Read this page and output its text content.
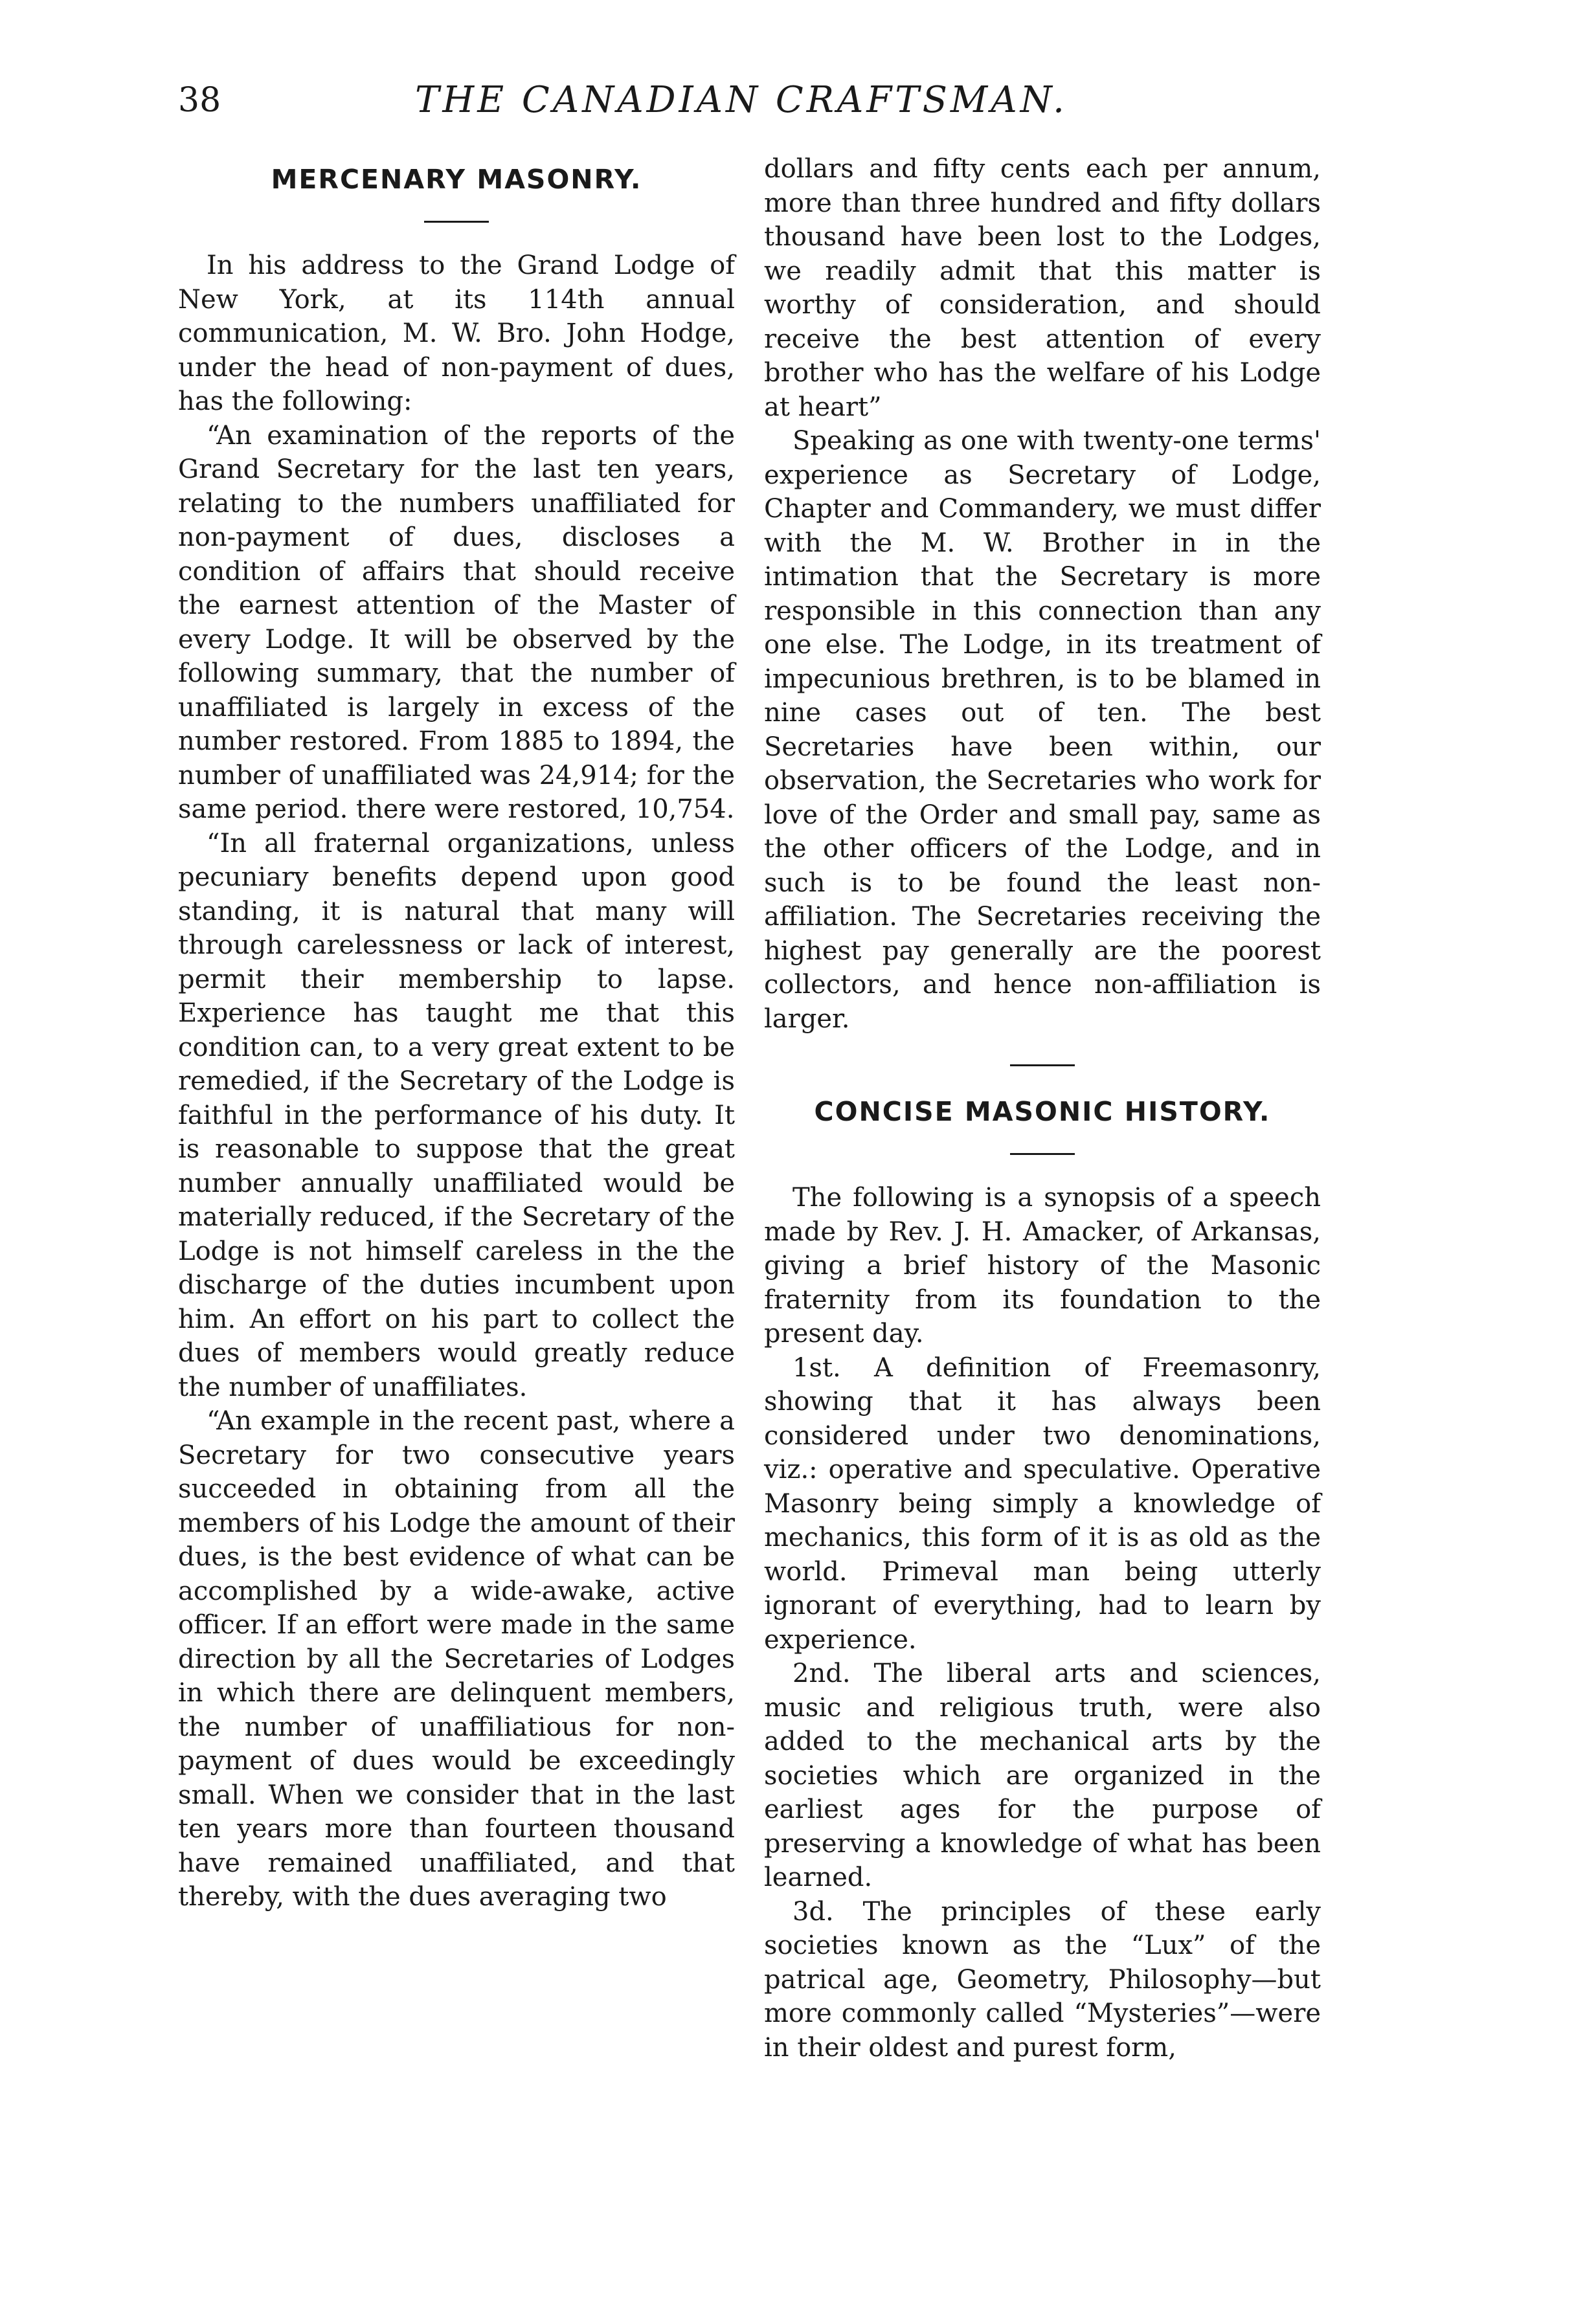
38	THE CANADIAN CRAFTSMAN.
MERCENARY MASONRY.

In his address to the Grand Lodge of New York, at its 114th annual communication, M. W. Bro. John Hodge, under the head of non-payment of dues, has the following:

“An examination of the reports of the Grand Secretary for the last ten years, relating to the numbers unaffiliated for non-payment of dues, discloses a condition of affairs that should receive the earnest attention of the Master of every Lodge. It will be observed by the following summary, that the number of unaffiliated is largely in excess of the number restored. From 1885 to 1894, the number of unaffiliated was 24,914; for the same period. there were restored, 10,754.

“In all fraternal organizations, unless pecuniary benefits depend upon good standing, it is natural that many will through carelessness or lack of interest, permit their membership to lapse. Experience has taught me that this condition can, to a very great extent to be remedied, if the Secretary of the Lodge is faithful in the performance of his duty. It is reasonable to suppose that the great number annually unaffiliated would be materially reduced, if the Secretary of the Lodge is not himself careless in the the discharge of the duties incumbent upon him. An effort on his part to collect the dues of members would greatly reduce the number of unaffiliates.

“An example in the recent past, where a Secretary for two consecutive years succeeded in obtaining from all the members of his Lodge the amount of their dues, is the best evidence of what can be accomplished by a wide-awake, active officer. If an effort were made in the same direction by all the Secretaries of Lodges in which there are delinquent members, the number of unaffiliatious for non-payment of dues would be exceedingly small. When we consider that in the last ten years more than fourteen thousand have remained unaffiliated, and that thereby, with the dues averaging two

dollars and fifty cents each per annum, more than three hundred and fifty dollars thousand have been lost to the Lodges, we readily admit that this matter is worthy of consideration, and should receive the best attention of every brother who has the welfare of his Lodge at heart”

Speaking as one with twenty-one terms' experience as Secretary of Lodge, Chapter and Commandery, we must differ with the M. W. Brother in in the intimation that the Secretary is more responsible in this connection than any one else. The Lodge, in its treatment of impecunious brethren, is to be blamed in nine cases out of ten. The best Secretaries have been within, our observation, the Secretaries who work for love of the Order and small pay, same as the other officers of the Lodge, and in such is to be found the least non-affiliation. The Secretaries receiving the highest pay generally are the poorest collectors, and hence non-affiliation is larger.

CONCISE MASONIC HISTORY.

The following is a synopsis of a speech made by Rev. J. H. Amacker, of Arkansas, giving a brief history of the Masonic fraternity from its foundation to the present day.

1st. A definition of Freemasonry, showing that it has always been considered under two denominations, viz.: operative and speculative. Operative Masonry being simply a knowledge of mechanics, this form of it is as old as the world. Primeval man being utterly ignorant of everything, had to learn by experience.

2nd. The liberal arts and sciences, music and religious truth, were also added to the mechanical arts by the societies which are organized in the earliest ages for the purpose of preserving a knowledge of what has been learned.

3d. The principles of these early societies known as the “Lux” of the patrical age, Geometry, Philosophy—but more commonly called “Mysteries”—were in their oldest and purest form,
